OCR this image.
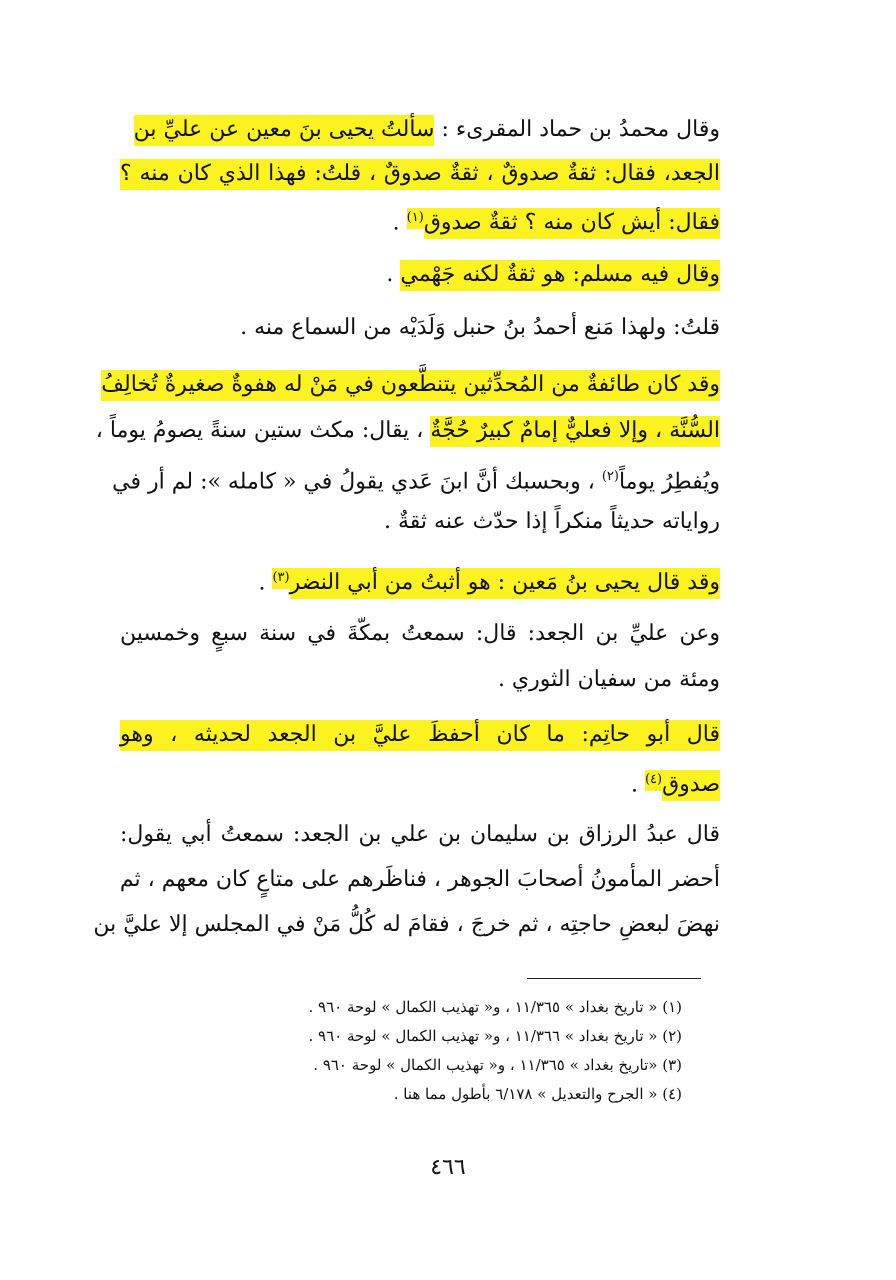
وقال محمدُ بن حماد المقرىء : سألتُ يحيى بنَ معين عن عليِّ بن
الجعد، فقال: ثقةٌ صدوقٌ ، ثقةٌ صدوقٌ ، قلتُ: فهذا الذي كان منه ؟
فقال: أيش كان منه ؟ ثقةٌ صدوق$^{(١)}$ .
وقال فيه مسلم: هو ثقةٌ لكنه جَهْمي .
قلتُ: ولهذا مَنع أحمدُ بنُ حنبل وَلَدَيْه من السماع منه .
وقد كان طائفةٌ من المُحدِّثين يتنطَّعون في مَنْ له هفوةٌ صغيرةٌ تُخالِفُ
السُّنَّة ، وإلا فعليٌّ إمامٌ كبيرٌ حُجَّةٌ ، يقال: مكث ستين سنةً يصومُ يوماً ،
ويُفطِرُ يوماً$^{(٢)}$ ، وبحسبك أنَّ ابنَ عَدي يقولُ في « كامله »: لم أر في
رواياته حديثاً منكراً إذا حدّث عنه ثقةٌ .
وقد قال يحيى بنُ مَعين : هو أثبتُ من أبي النضر$^{(٣)}$ .
وعن عليِّ بن الجعد: قال: سمعتُ بمكّةَ في سنة سبعٍ وخمسين
ومئة من سفيان الثوري .
قال أبو حاتِم: ما كان أحفظَ عليَّ بن الجعد لحديثه ، وهو
صدوق$^{(٤)}$ .
قال عبدُ الرزاق بن سليمان بن علي بن الجعد: سمعتُ أبي يقول:
أحضر المأمونُ أصحابَ الجوهر ، فناظَرهم على متاعٍ كان معهم ، ثم
نهضَ لبعضِ حاجتِه ، ثم خرجَ ، فقامَ له كُلُّ مَنْ في المجلس إلا عليَّ بن
(١) « تاريخ بغداد » ١١/٣٦٥ ، و« تهذيب الكمال » لوحة ٩٦٠ .
(٢) « تاريخ بغداد » ١١/٣٦٦ ، و« تهذيب الكمال » لوحة ٩٦٠ .
(٣) «تاريخ بغداد » ١١/٣٦٥ ، و« تهذيب الكمال » لوحة ٩٦٠ .
(٤) « الجرح والتعديل » ٦/١٧٨ بأطول مما هنا .
٤٦٦
